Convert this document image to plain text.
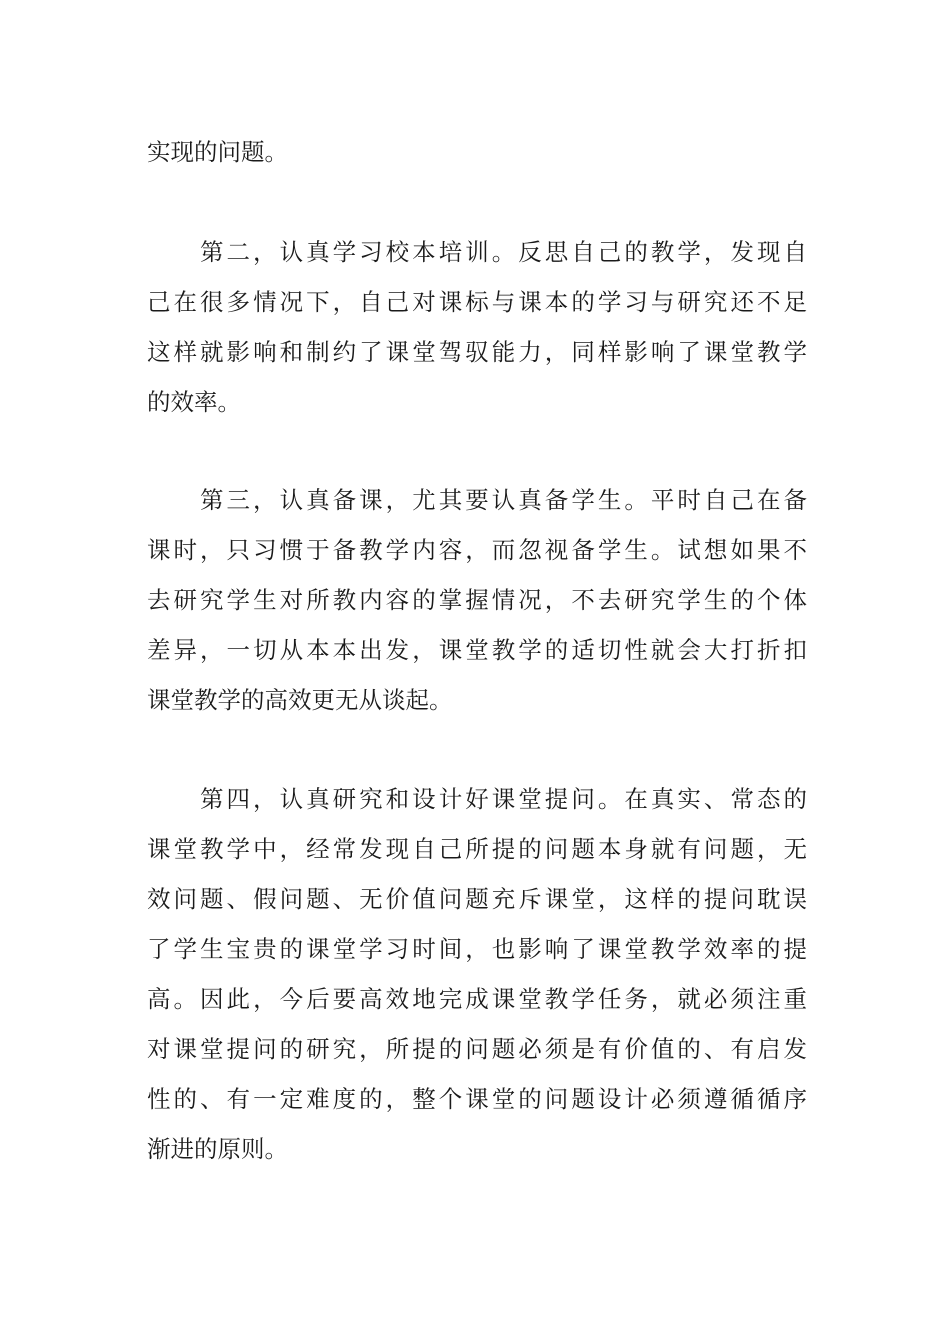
实现的问题。

第二，认真学习校本培训。反思自己的教学，发现自

己在很多情况下，自己对课标与课本的学习与研究还不足

这样就影响和制约了课堂驾驭能力，同样影响了课堂教学

的效率。

第三，认真备课，尤其要认真备学生。平时自己在备

课时，只习惯于备教学内容，而忽视备学生。试想如果不

去研究学生对所教内容的掌握情况，不去研究学生的个体

差异，一切从本本出发，课堂教学的适切性就会大打折扣

课堂教学的高效更无从谈起。

第四，认真研究和设计好课堂提问。在真实、常态的

课堂教学中，经常发现自己所提的问题本身就有问题，无

效问题、假问题、无价值问题充斥课堂，这样的提问耽误

了学生宝贵的课堂学习时间，也影响了课堂教学效率的提

高。因此，今后要高效地完成课堂教学任务，就必须注重

对课堂提问的研究，所提的问题必须是有价值的、有启发

性的、有一定难度的，整个课堂的问题设计必须遵循循序

渐进的原则。
